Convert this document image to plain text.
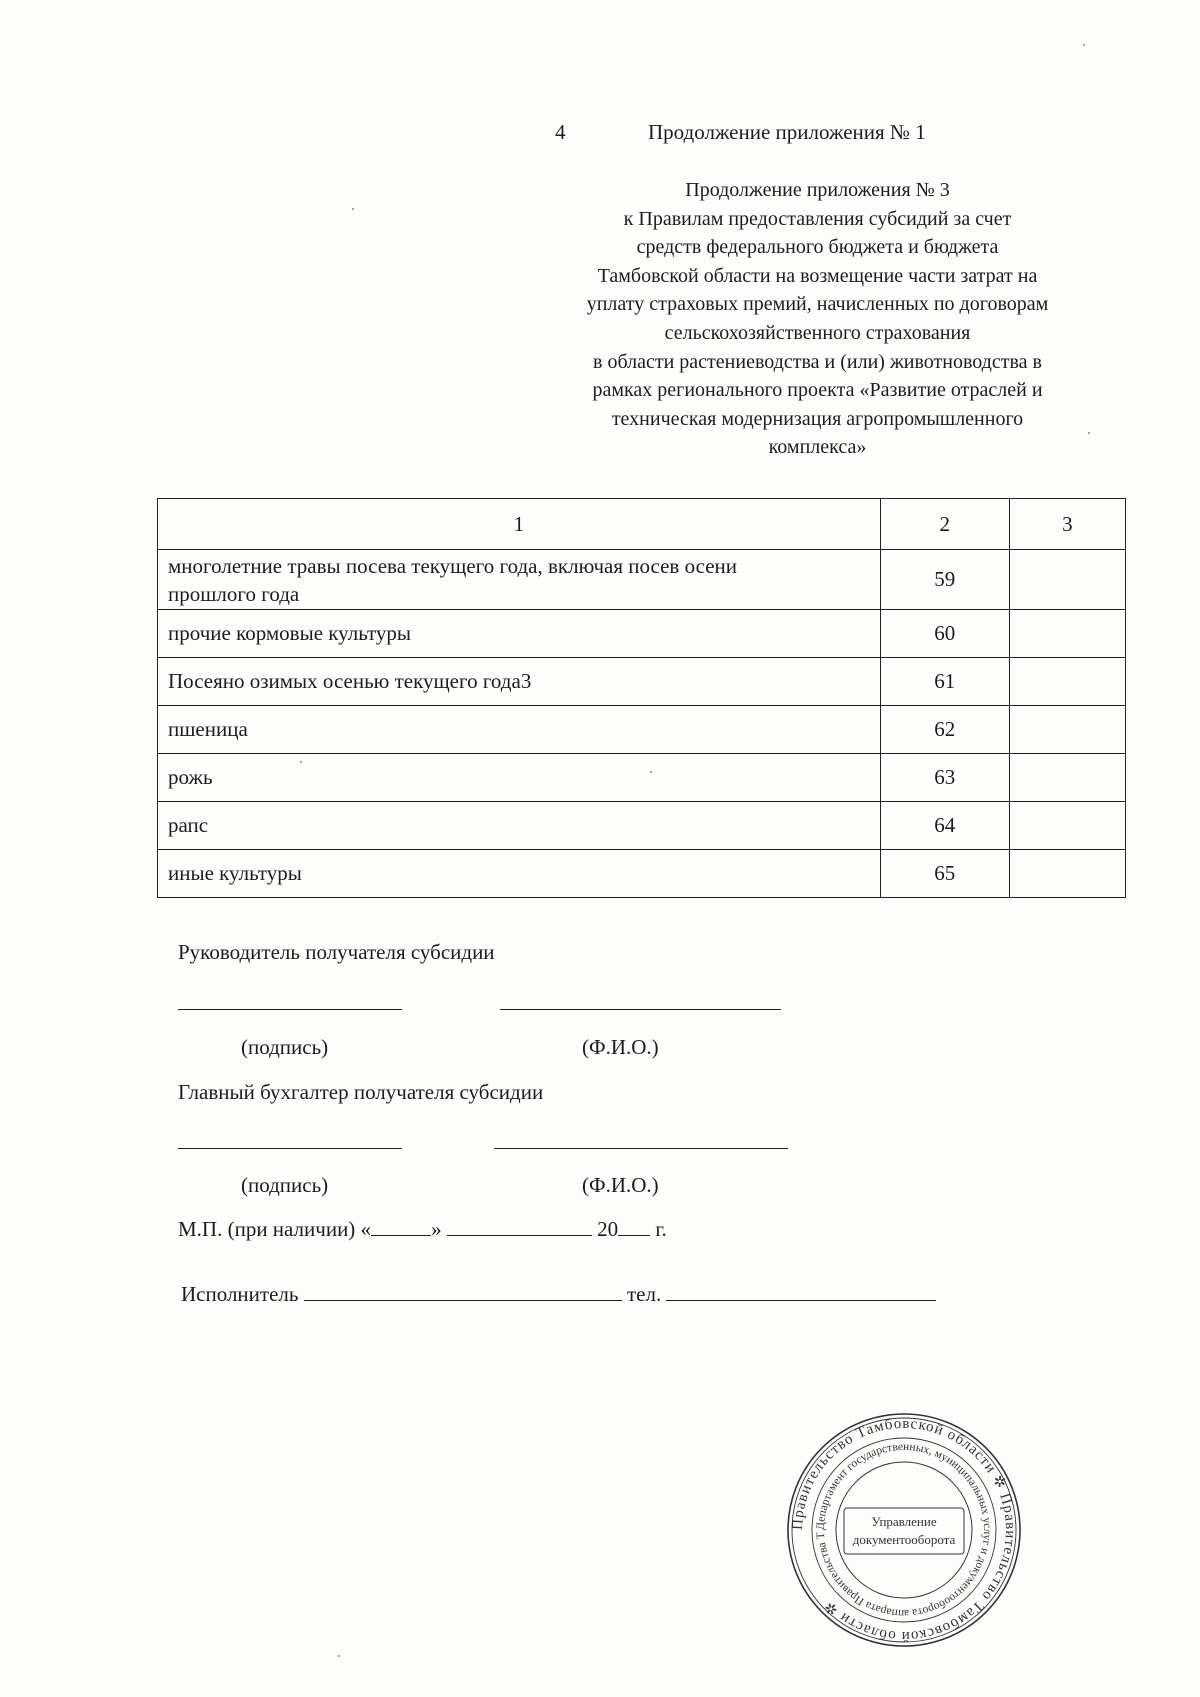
4	Продолжение приложения № 1
Продолжение приложения № 3
к Правилам предоставления субсидий за счет
средств федерального бюджета и бюджета
Тамбовской области на возмещение части затрат на
уплату страховых премий, начисленных по договорам
сельскохозяйственного страхования
в области растениеводства и (или) животноводства в
рамках регионального проекта «Развитие отраслей и
техническая модернизация агропромышленного
комплекса»
1	2	3
многолетние травы посева текущего года, включая посев осени
прошлого года	59	
прочие кормовые культуры	60	
Посеяно озимых осенью текущего года3	61	
пшеница	62	
рожь	63	
рапс	64	
иные культуры	65	
Руководитель получателя субсидии
(подпись)	(Ф.И.О.)
Главный бухгалтер получателя субсидии
(подпись)	(Ф.И.О.)
М.П. (при наличии) «	»	20 г.
Исполнитель	тел.
Правительство Тамбовской области ✲ Правительство Тамбовской области ✲
Департамент государственных, муниципальных услуг и документооборота аппарата Правительства Т
Управление
документооборота
